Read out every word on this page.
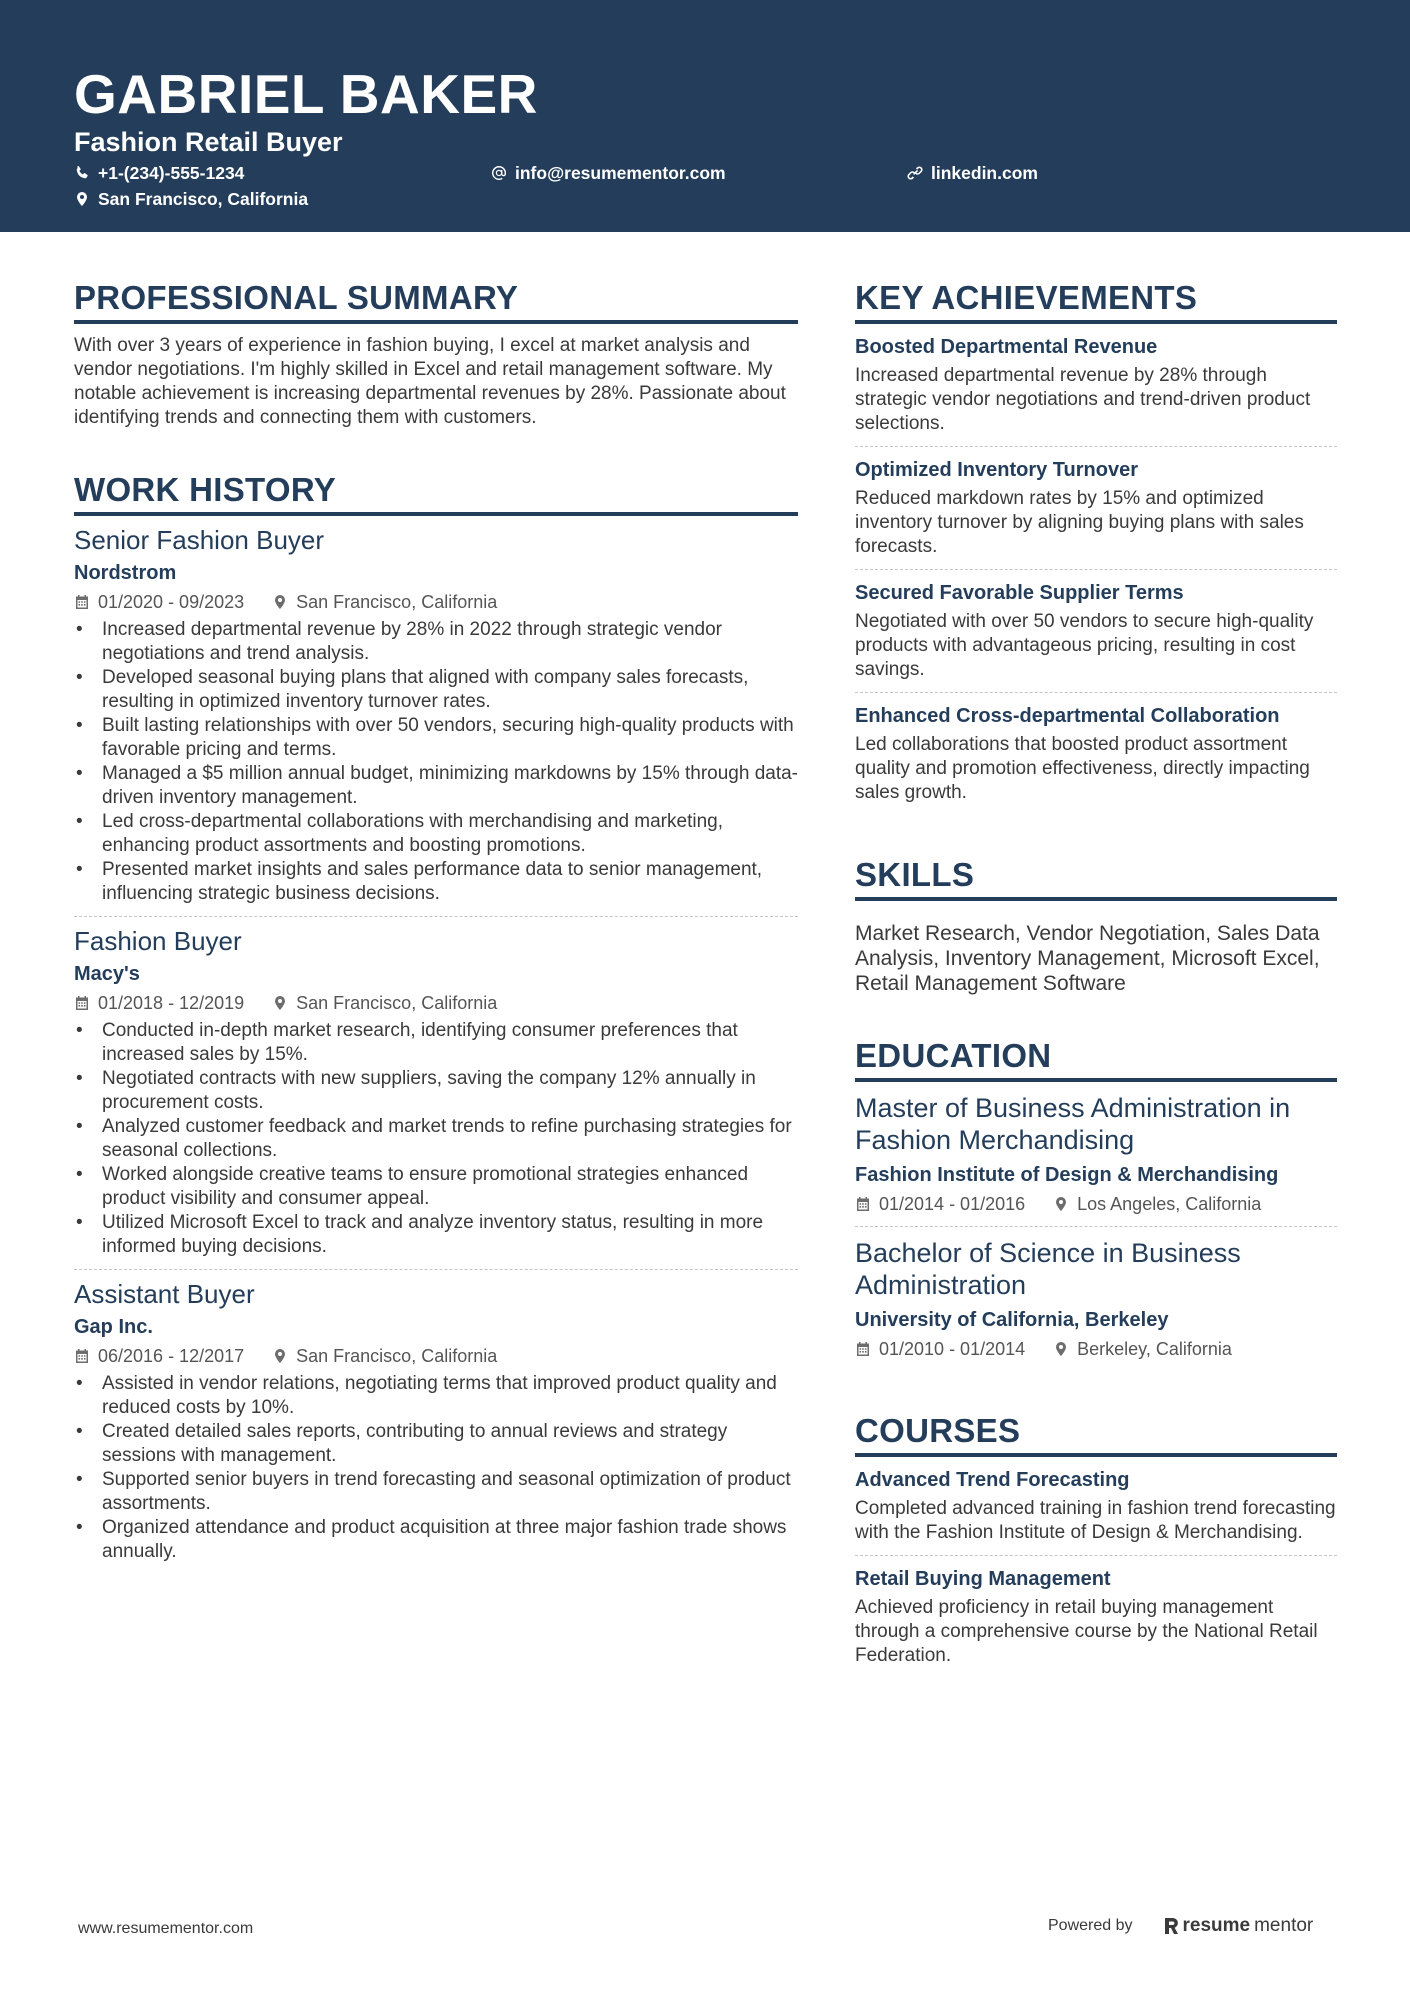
GABRIEL BAKER
Fashion Retail Buyer
+1-(234)-555-1234	info@resumementor.com	linkedin.com
San Francisco, California
PROFESSIONAL SUMMARY

With over 3 years of experience in fashion buying, I excel at market analysis and vendor negotiations. I'm highly skilled in Excel and retail management software. My notable achievement is increasing departmental revenues by 28%. Passionate about identifying trends and connecting them with customers.

WORK HISTORY
Senior Fashion Buyer
Nordstrom
01/2020 - 09/2023	San Francisco, California
• Increased departmental revenue by 28% in 2022 through strategic vendor negotiations and trend analysis.
• Developed seasonal buying plans that aligned with company sales forecasts, resulting in optimized inventory turnover rates.
• Built lasting relationships with over 50 vendors, securing high-quality products with favorable pricing and terms.
• Managed a $5 million annual budget, minimizing markdowns by 15% through data-driven inventory management.
• Led cross-departmental collaborations with merchandising and marketing, enhancing product assortments and boosting promotions.
• Presented market insights and sales performance data to senior management, influencing strategic business decisions.
Fashion Buyer
Macy's
01/2018 - 12/2019	San Francisco, California
• Conducted in-depth market research, identifying consumer preferences that increased sales by 15%.
• Negotiated contracts with new suppliers, saving the company 12% annually in procurement costs.
• Analyzed customer feedback and market trends to refine purchasing strategies for seasonal collections.
• Worked alongside creative teams to ensure promotional strategies enhanced product visibility and consumer appeal.
• Utilized Microsoft Excel to track and analyze inventory status, resulting in more informed buying decisions.
Assistant Buyer
Gap Inc.
06/2016 - 12/2017	San Francisco, California
• Assisted in vendor relations, negotiating terms that improved product quality and reduced costs by 10%.
• Created detailed sales reports, contributing to annual reviews and strategy sessions with management.
• Supported senior buyers in trend forecasting and seasonal optimization of product assortments.
• Organized attendance and product acquisition at three major fashion trade shows annually.
KEY ACHIEVEMENTS
Boosted Departmental Revenue
Increased departmental revenue by 28% through strategic vendor negotiations and trend-driven product selections.
Optimized Inventory Turnover
Reduced markdown rates by 15% and optimized inventory turnover by aligning buying plans with sales forecasts.
Secured Favorable Supplier Terms
Negotiated with over 50 vendors to secure high-quality products with advantageous pricing, resulting in cost savings.
Enhanced Cross-departmental Collaboration
Led collaborations that boosted product assortment quality and promotion effectiveness, directly impacting sales growth.
SKILLS
Market Research, Vendor Negotiation, Sales Data Analysis, Inventory Management, Microsoft Excel, Retail Management Software
EDUCATION
Master of Business Administration in Fashion Merchandising
Fashion Institute of Design & Merchandising
01/2014 - 01/2016	Los Angeles, California
Bachelor of Science in Business Administration
University of California, Berkeley
01/2010 - 01/2014	Berkeley, California
COURSES
Advanced Trend Forecasting
Completed advanced training in fashion trend forecasting with the Fashion Institute of Design & Merchandising.
Retail Buying Management
Achieved proficiency in retail buying management through a comprehensive course by the National Retail Federation.
www.resumementor.com	Powered by	resume mentor
